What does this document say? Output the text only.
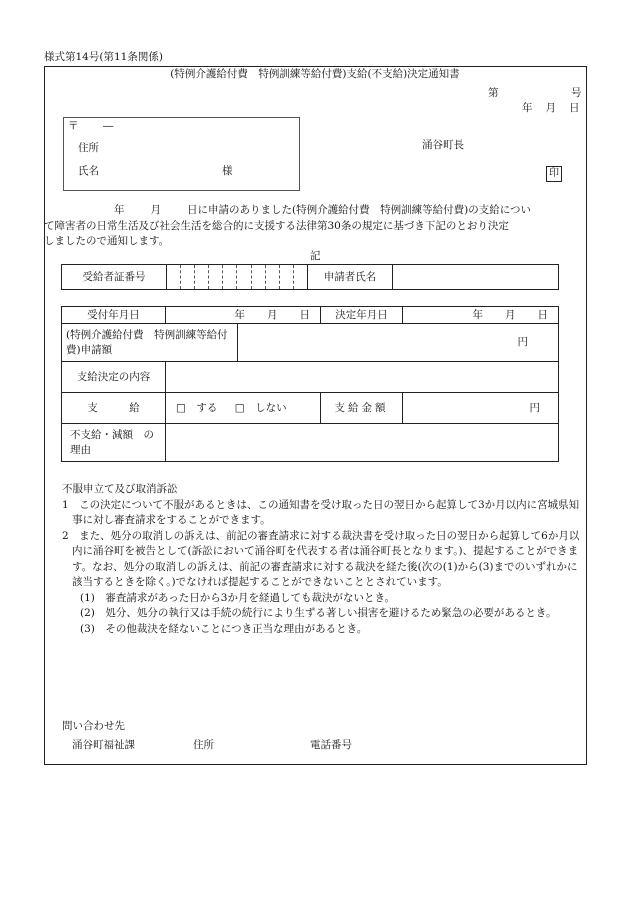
様式第14号(第11条関係)
(特例介護給付費　特例訓練等給付費)支給(不支給)決定通知書
第	号
年 月 日
〒　　 ―
住所
氏名	様
涌谷町長
印
年 月 日に申請のありました(特例介護給付費　特例訓練等給付費)の支給につい
て障害者の日常生活及び社会生活を総合的に支援する法律第30条の規定に基づき下記のとおり決定
しましたので通知します。
記
受給者証番号		申請者氏名	
受付年月日	年 月 日		決定年月日	年 月 日

(特例介護給付費　特例訓練等給付費)申請額		円		
支給決定の内容				
支　　　給	□　する □　しない		支給金額	円
不支給・減額　の　　理由				
不服申立て及び取消訴訟
1　この決定について不服があるときは、この通知書を受け取った日の翌日から起算して3か月以内に宮城県知事に対し審査請求をすることができます。
2　また、処分の取消しの訴えは、前記の審査請求に対する裁決書を受け取った日の翌日から起算して6か月以内に涌谷町を被告として(訴訟において涌谷町を代表する者は涌谷町長となります。)、提起することができます。なお、処分の取消しの訴えは、前記の審査請求に対する裁決を経た後(次の(1)から(3)までのいずれかに該当するときを除く。)でなければ提起することができないこととされています。
(1)　審査請求があった日から3か月を経過しても裁決がないとき。
(2)　処分、処分の執行又は手続の続行により生ずる著しい損害を避けるため緊急の必要があるとき。
(3)　その他裁決を経ないことにつき正当な理由があるとき。
問い合わせ先
涌谷町福祉課	住所	電話番号
